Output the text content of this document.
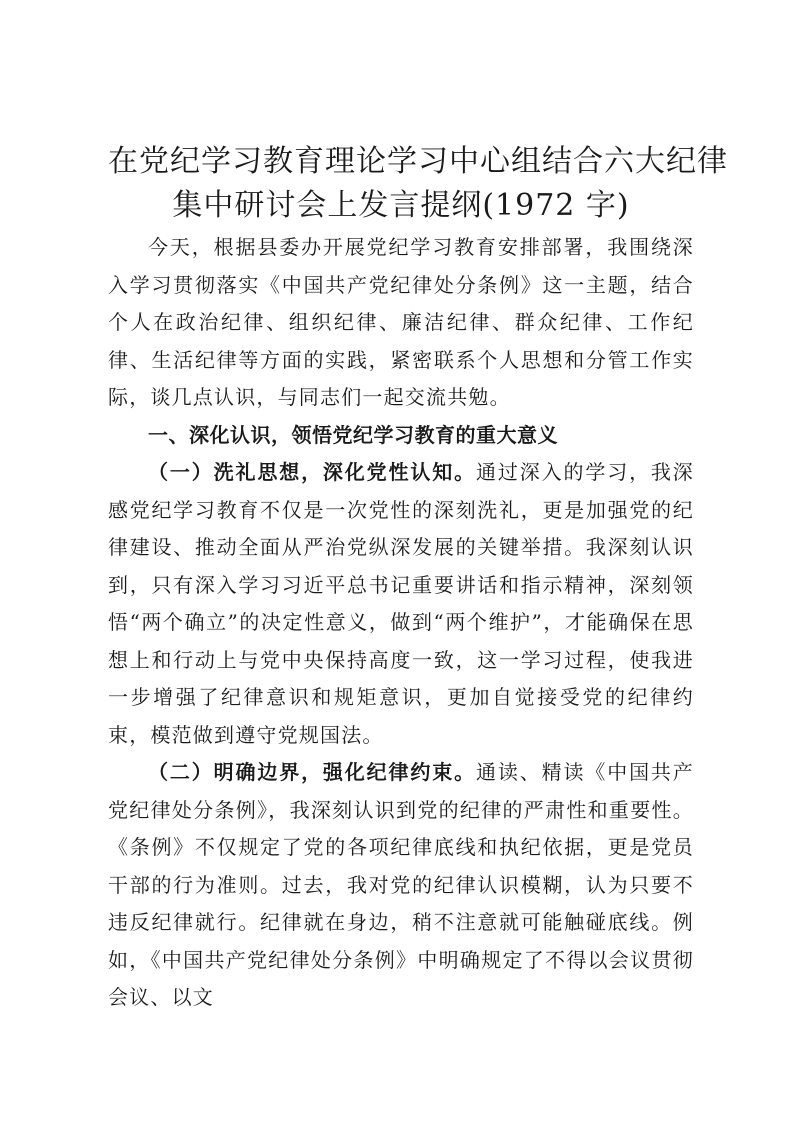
在党纪学习教育理论学习中心组结合六大纪律
集中研讨会上发言提纲(1972 字)

今天，根据县委办开展党纪学习教育安排部署，我围绕深入学习贯彻落实《中国共产党纪律处分条例》这一主题，结合个人在政治纪律、组织纪律、廉洁纪律、群众纪律、工作纪律、生活纪律等方面的实践，紧密联系个人思想和分管工作实际，谈几点认识，与同志们一起交流共勉。

一、深化认识，领悟党纪学习教育的重大意义

（一）洗礼思想，深化党性认知。通过深入的学习，我深感党纪学习教育不仅是一次党性的深刻洗礼，更是加强党的纪律建设、推动全面从严治党纵深发展的关键举措。我深刻认识到，只有深入学习习近平总书记重要讲话和指示精神，深刻领悟“两个确立”的决定性意义，做到“两个维护”，才能确保在思想上和行动上与党中央保持高度一致，这一学习过程，使我进一步增强了纪律意识和规矩意识，更加自觉接受党的纪律约束，模范做到遵守党规国法。

（二）明确边界，强化纪律约束。通读、精读《中国共产党纪律处分条例》，我深刻认识到党的纪律的严肃性和重要性。《条例》不仅规定了党的各项纪律底线和执纪依据，更是党员干部的行为准则。过去，我对党的纪律认识模糊，认为只要不违反纪律就行。纪律就在身边，稍不注意就可能触碰底线。例如，《中国共产党纪律处分条例》中明确规定了不得以会议贯彻会议、以文
